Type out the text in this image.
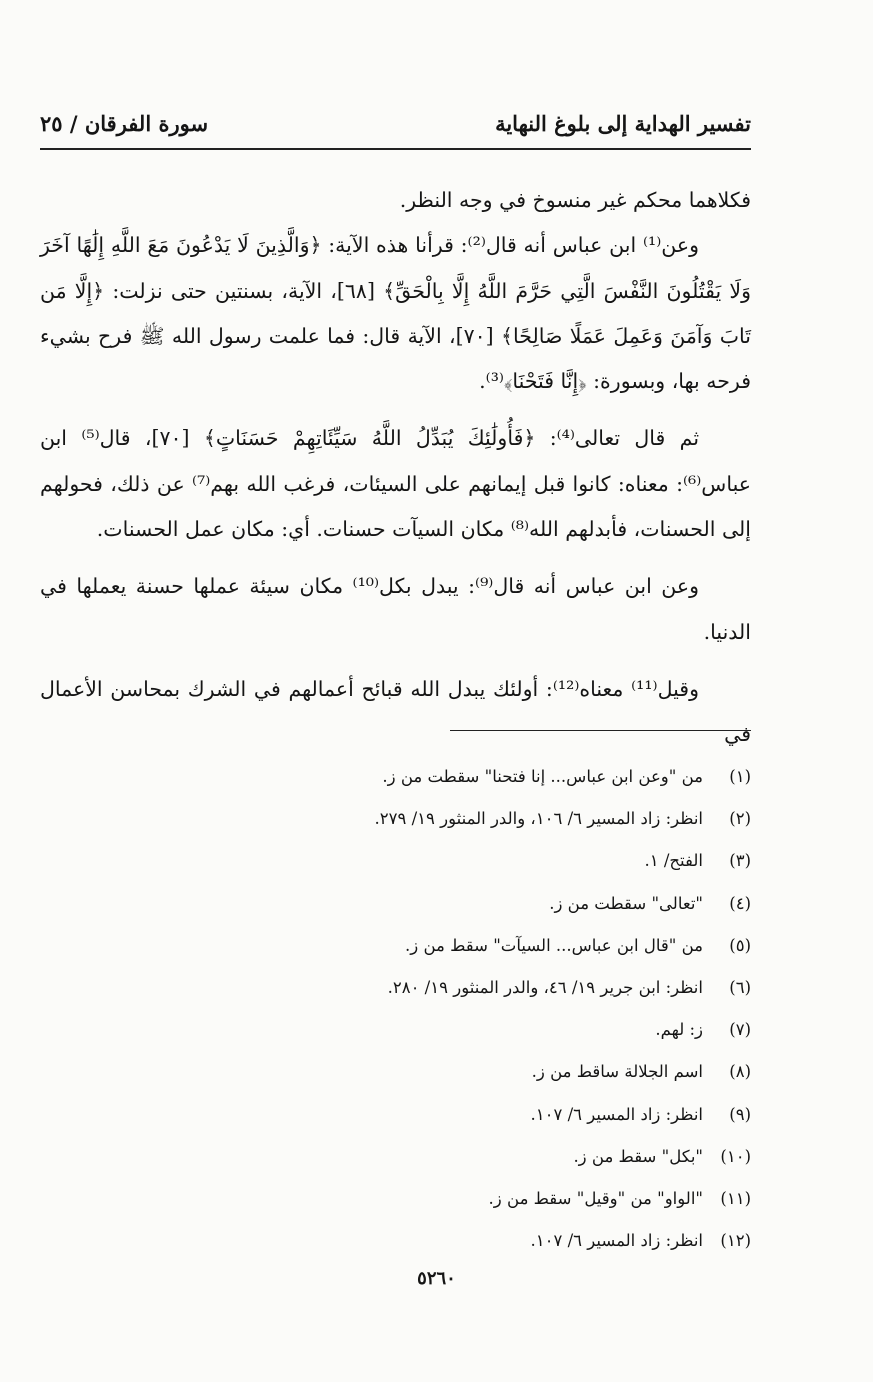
تفسير الهداية إلى بلوغ النهاية
سورة الفرقان / ٢٥

فكلاهما محكم غير منسوخ في وجه النظر.

وعن⁽¹⁾ ابن عباس أنه قال⁽²⁾: قرأنا هذه الآية: ﴿وَالَّذِينَ لَا يَدْعُونَ مَعَ اللَّهِ إِلَٰهًا آخَرَ وَلَا يَقْتُلُونَ النَّفْسَ الَّتِي حَرَّمَ اللَّهُ إِلَّا بِالْحَقِّ﴾ [٦٨]، الآية، بسنتين حتى نزلت: ﴿إِلَّا مَن تَابَ وَآمَنَ وَعَمِلَ عَمَلًا صَالِحًا﴾ [٧٠]، الآية قال: فما علمت رسول الله ﷺ فرح بشيء فرحه بها، وبسورة: ﴿إِنَّا فَتَحْنَا﴾⁽³⁾.

ثم قال تعالى⁽⁴⁾: ﴿فَأُولَٰئِكَ يُبَدِّلُ اللَّهُ سَيِّئَاتِهِمْ حَسَنَاتٍ﴾ [٧٠]، قال⁽⁵⁾ ابن عباس⁽⁶⁾: معناه: كانوا قبل إيمانهم على السيئات، فرغب الله بهم⁽⁷⁾ عن ذلك، فحولهم إلى الحسنات، فأبدلهم الله⁽⁸⁾ مكان السيآت حسنات. أي: مكان عمل الحسنات.

وعن ابن عباس أنه قال⁽⁹⁾: يبدل بكل⁽¹⁰⁾ مكان سيئة عملها حسنة يعملها في الدنيا.

وقيل⁽¹¹⁾ معناه⁽¹²⁾: أولئك يبدل الله قبائح أعمالهم في الشرك بمحاسن الأعمال في

(١)
من "وعن ابن عباس... إنا فتحنا" سقطت من ز.
(٢)
انظر: زاد المسير ٦/ ١٠٦، والدر المنثور ١٩/ ٢٧٩.
(٣)
الفتح/ ١.
(٤)
"تعالى" سقطت من ز.
(٥)
من "قال ابن عباس... السيآت" سقط من ز.
(٦)
انظر: ابن جرير ١٩/ ٤٦، والدر المنثور ١٩/ ٢٨٠.
(٧)
ز: لهم.
(٨)
اسم الجلالة ساقط من ز.
(٩)
انظر: زاد المسير ٦/ ١٠٧.
(١٠)
"بكل" سقط من ز.
(١١)
"الواو" من "وقيل" سقط من ز.
(١٢)
انظر: زاد المسير ٦/ ١٠٧.
٥٢٦٠
